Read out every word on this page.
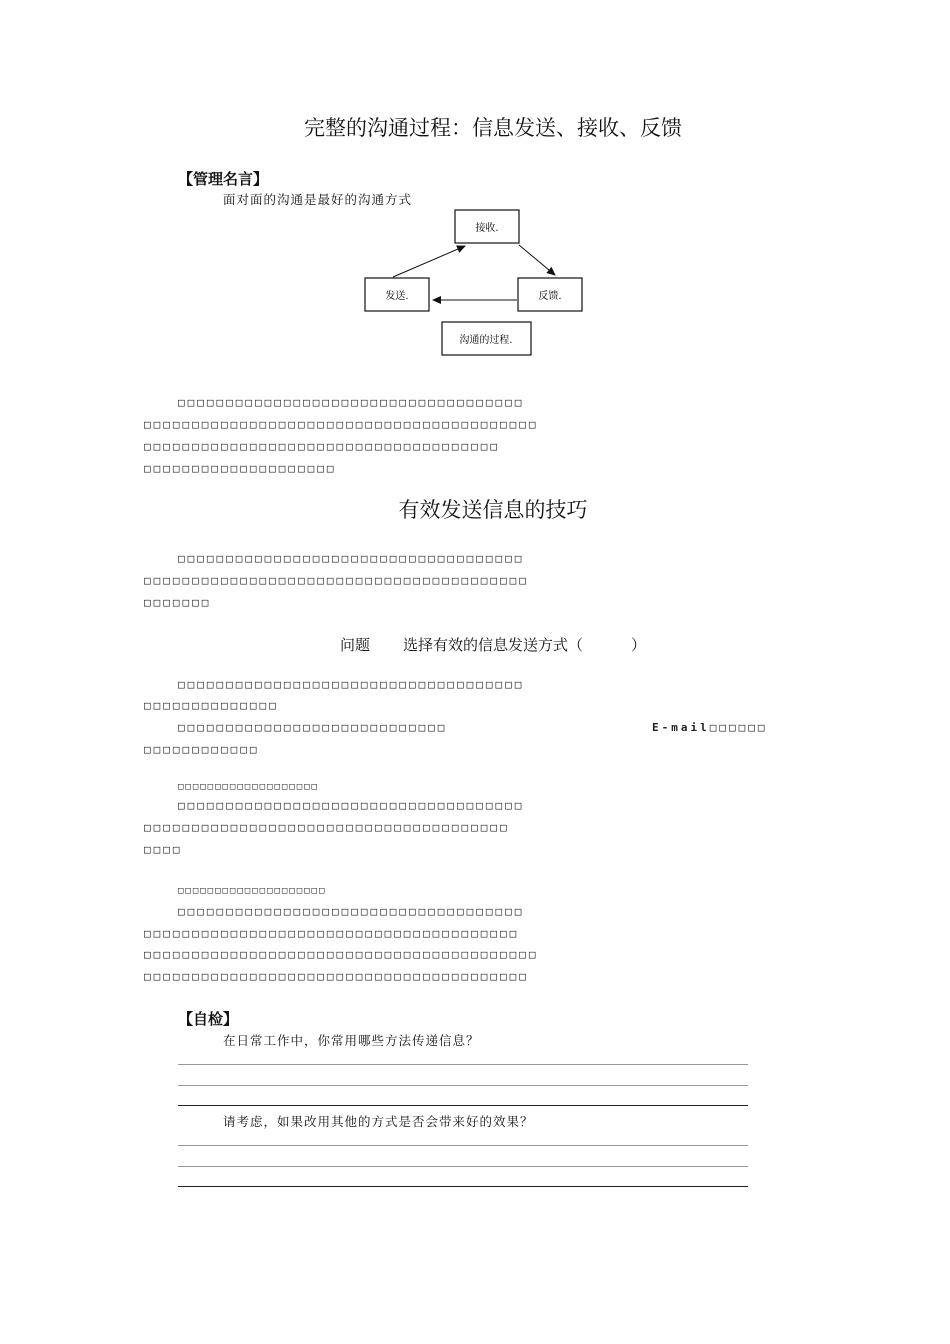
完整的沟通过程：信息发送、接收、反馈
【管理名言】
面对面的沟通是最好的沟通方式
接收.
发送.	反馈.
沟通的过程.
□□□□□□□□□□□□□□□□□□□□□□□□□□□□□□□□□□□□
□□□□□□□□□□□□□□□□□□□□□□□□□□□□□□□□□□□□□□□□□
□□□□□□□□□□□□□□□□□□□□□□□□□□□□□□□□□□□□□
□□□□□□□□□□□□□□□□□□□□
有效发送信息的技巧
□□□□□□□□□□□□□□□□□□□□□□□□□□□□□□□□□□□□
□□□□□□□□□□□□□□□□□□□□□□□□□□□□□□□□□□□□□□□□
□□□□□□□
问题 选择有效的信息发送方式（	）
□□□□□□□□□□□□□□□□□□□□□□□□□□□□□□□□□□□□
□□□□□□□□□□□□□□
□□□□□□□□□□□□□□□□□□□□□□□□□□□□	E-mail□□□□□□
□□□□□□□□□□□□
□□□□□□□□□□□□□□□□□□□
□□□□□□□□□□□□□□□□□□□□□□□□□□□□□□□□□□□□
□□□□□□□□□□□□□□□□□□□□□□□□□□□□□□□□□□□□□□
□□□□
□□□□□□□□□□□□□□□□□□□□
□□□□□□□□□□□□□□□□□□□□□□□□□□□□□□□□□□□□
□□□□□□□□□□□□□□□□□□□□□□□□□□□□□□□□□□□□□□□
□□□□□□□□□□□□□□□□□□□□□□□□□□□□□□□□□□□□□□□□□
□□□□□□□□□□□□□□□□□□□□□□□□□□□□□□□□□□□□□□□□
【自检】
在日常工作中，你常用哪些方法传递信息？
请考虑，如果改用其他的方式是否会带来好的效果？
